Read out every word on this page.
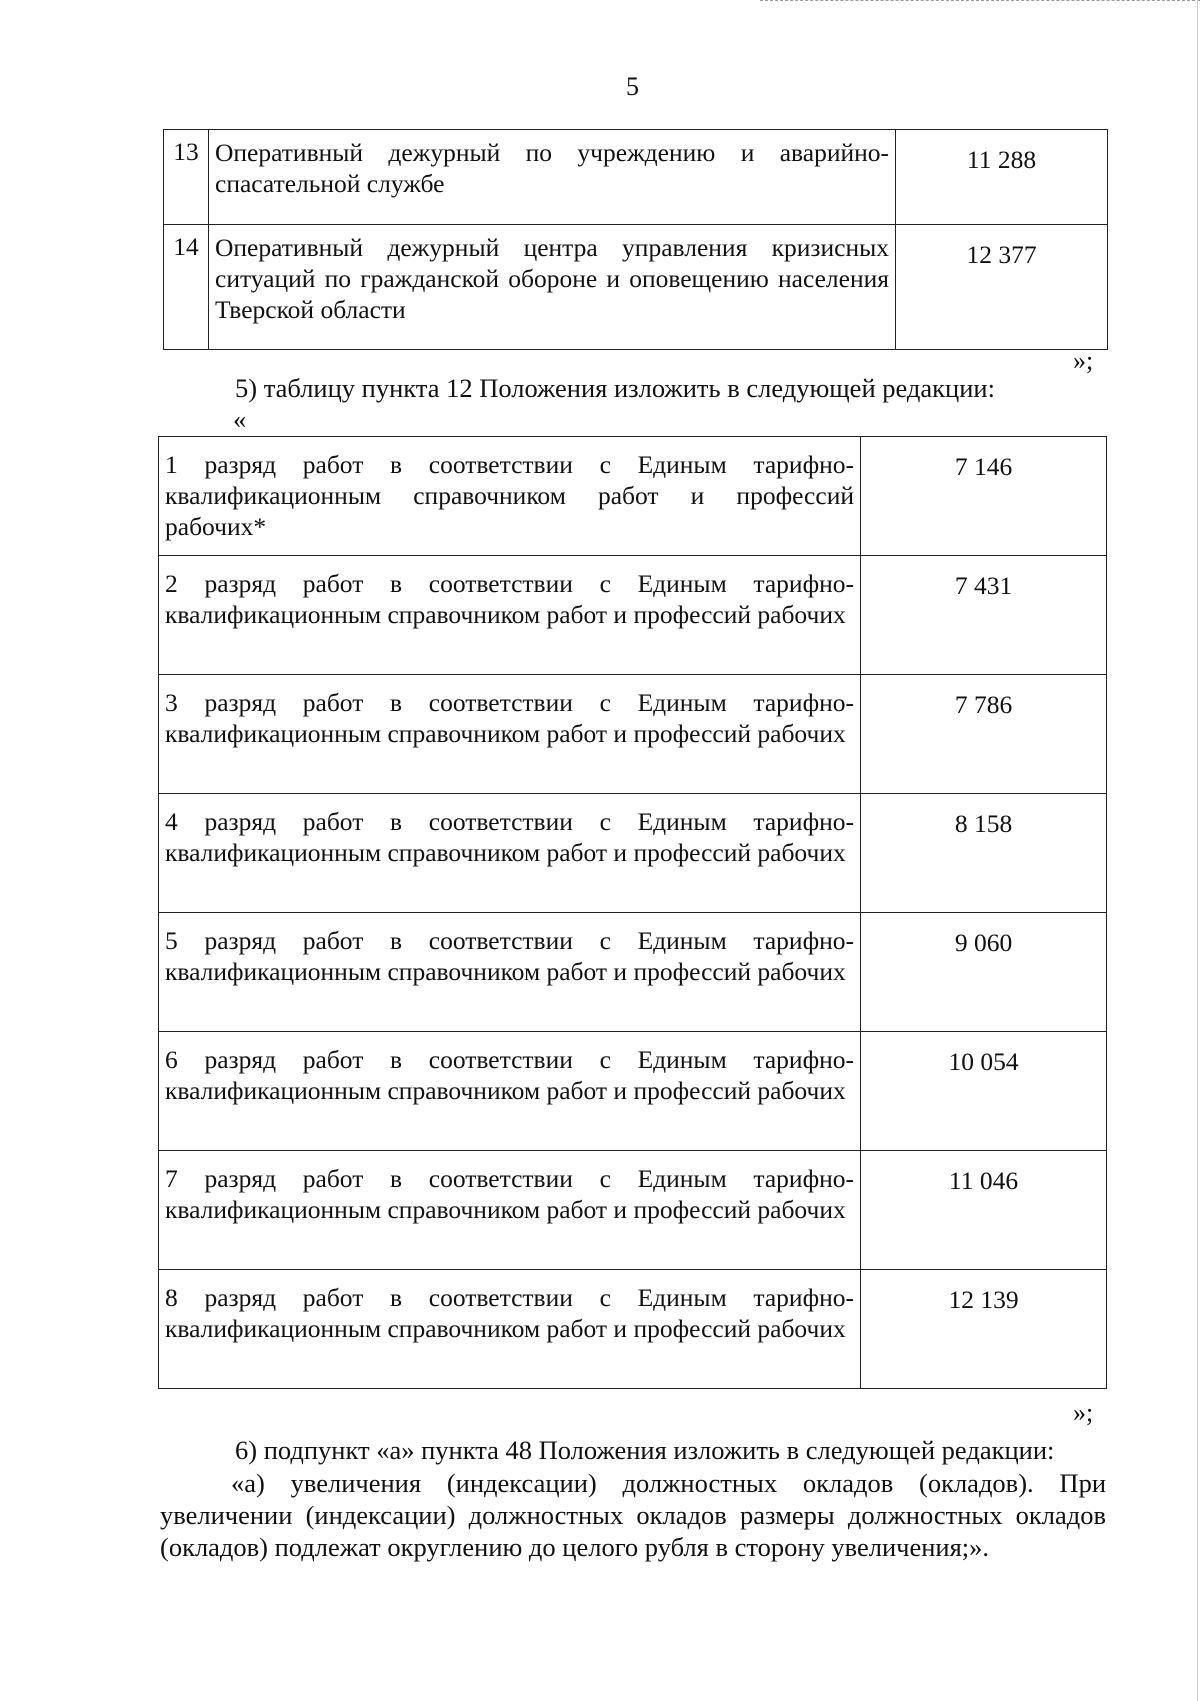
5
13	Оперативный дежурный по учреждению и аварийно-спасательной службе	11 288
14	Оперативный дежурный центра управления кризисных ситуаций по гражданской обороне и оповещению населения Тверской области	12 377
»;
5) таблицу пункта 12 Положения изложить в следующей редакции:
«
1 разряд работ в соответствии с Единым тарифно-квалификационным справочником работ и профессий рабочих*	7 146
2 разряд работ в соответствии с Единым тарифно-квалификационным справочником работ и профессий рабочих	7 431
3 разряд работ в соответствии с Единым тарифно-квалификационным справочником работ и профессий рабочих	7 786
4 разряд работ в соответствии с Единым тарифно-квалификационным справочником работ и профессий рабочих	8 158
5 разряд работ в соответствии с Единым тарифно-квалификационным справочником работ и профессий рабочих	9 060
6 разряд работ в соответствии с Единым тарифно-квалификационным справочником работ и профессий рабочих	10 054
7 разряд работ в соответствии с Единым тарифно-квалификационным справочником работ и профессий рабочих	11 046
8 разряд работ в соответствии с Единым тарифно-квалификационным справочником работ и профессий рабочих	12 139
»;
6) подпункт «а» пункта 48 Положения изложить в следующей редакции:
«а) увеличения (индексации) должностных окладов (окладов). При увеличении (индексации) должностных окладов размеры должностных окладов (окладов) подлежат округлению до целого рубля в сторону увеличения;».
